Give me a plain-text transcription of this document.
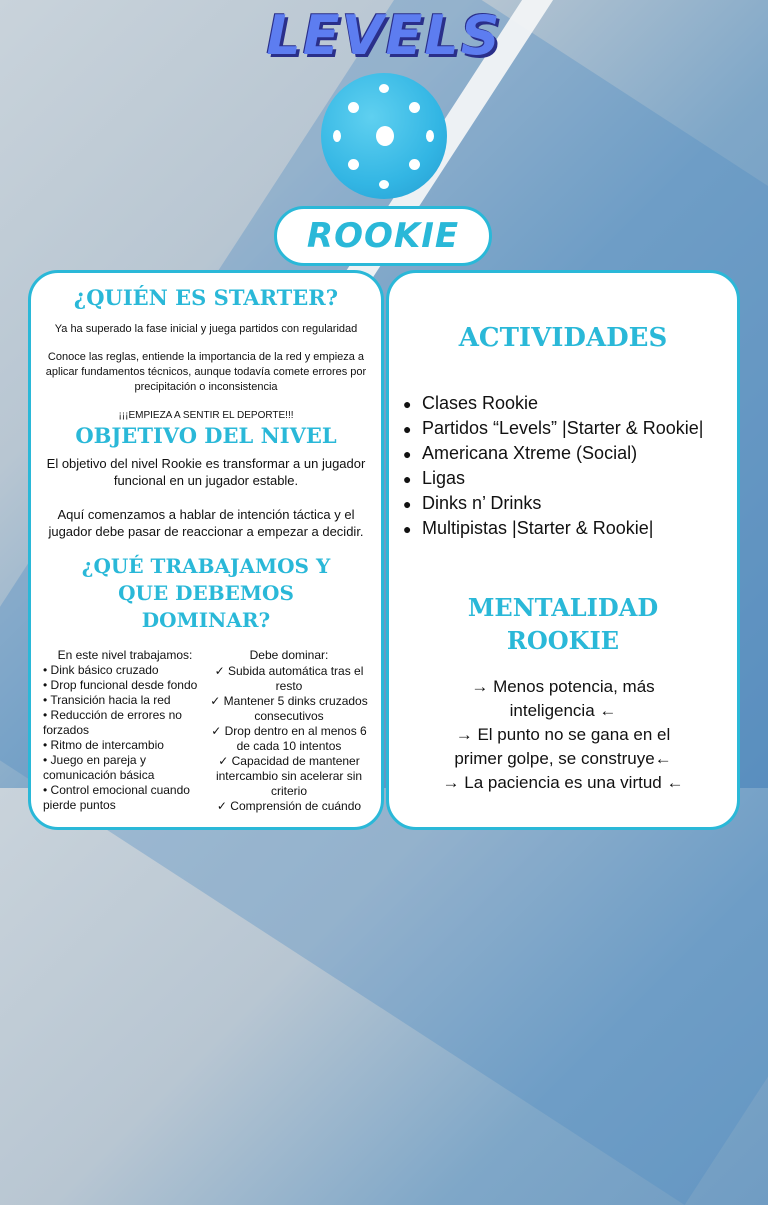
LEVELS
ROOKIE
¿QUIÉN ES STARTER?

Ya ha superado la fase inicial y juega partidos con regularidad

Conoce las reglas, entiende la importancia de la red y empieza a aplicar fundamentos técnicos, aunque todavía comete errores por precipitación o inconsistencia

¡¡¡EMPIEZA A SENTIR EL DEPORTE!!!

OBJETIVO DEL NIVEL

El objetivo del nivel Rookie es transformar a un jugador funcional en un jugador estable.

Aquí comenzamos a hablar de intención táctica y el jugador debe pasar de reaccionar a empezar a decidir.

¿QUÉ TRABAJAMOS Y QUE DEBEMOS DOMINAR?
En este nivel trabajamos:
• Dink básico cruzado
• Drop funcional desde fondo
• Transición hacia la red
• Reducción de errores no forzados
• Ritmo de intercambio
• Juego en pareja y comunicación básica
• Control emocional cuando pierde puntos
Debe dominar:
✓ Subida automática tras el resto
✓ Mantener 5 dinks cruzados consecutivos
✓ Drop dentro en al menos 6 de cada 10 intentos
✓ Capacidad de mantener intercambio sin acelerar sin criterio
✓ Comprensión de cuándo
ACTIVIDADES
● Clases Rookie
● Partidos “Levels” |Starter & Rookie|
● Americana Xtreme (Social)
● Ligas
● Dinks n’ Drinks
● Multipistas |Starter & Rookie|
MENTALIDAD
ROOKIE

→ Menos potencia, más

inteligencia ←

→ El punto no se gana en el

primer golpe, se construye←

→ La paciencia es una virtud ←
